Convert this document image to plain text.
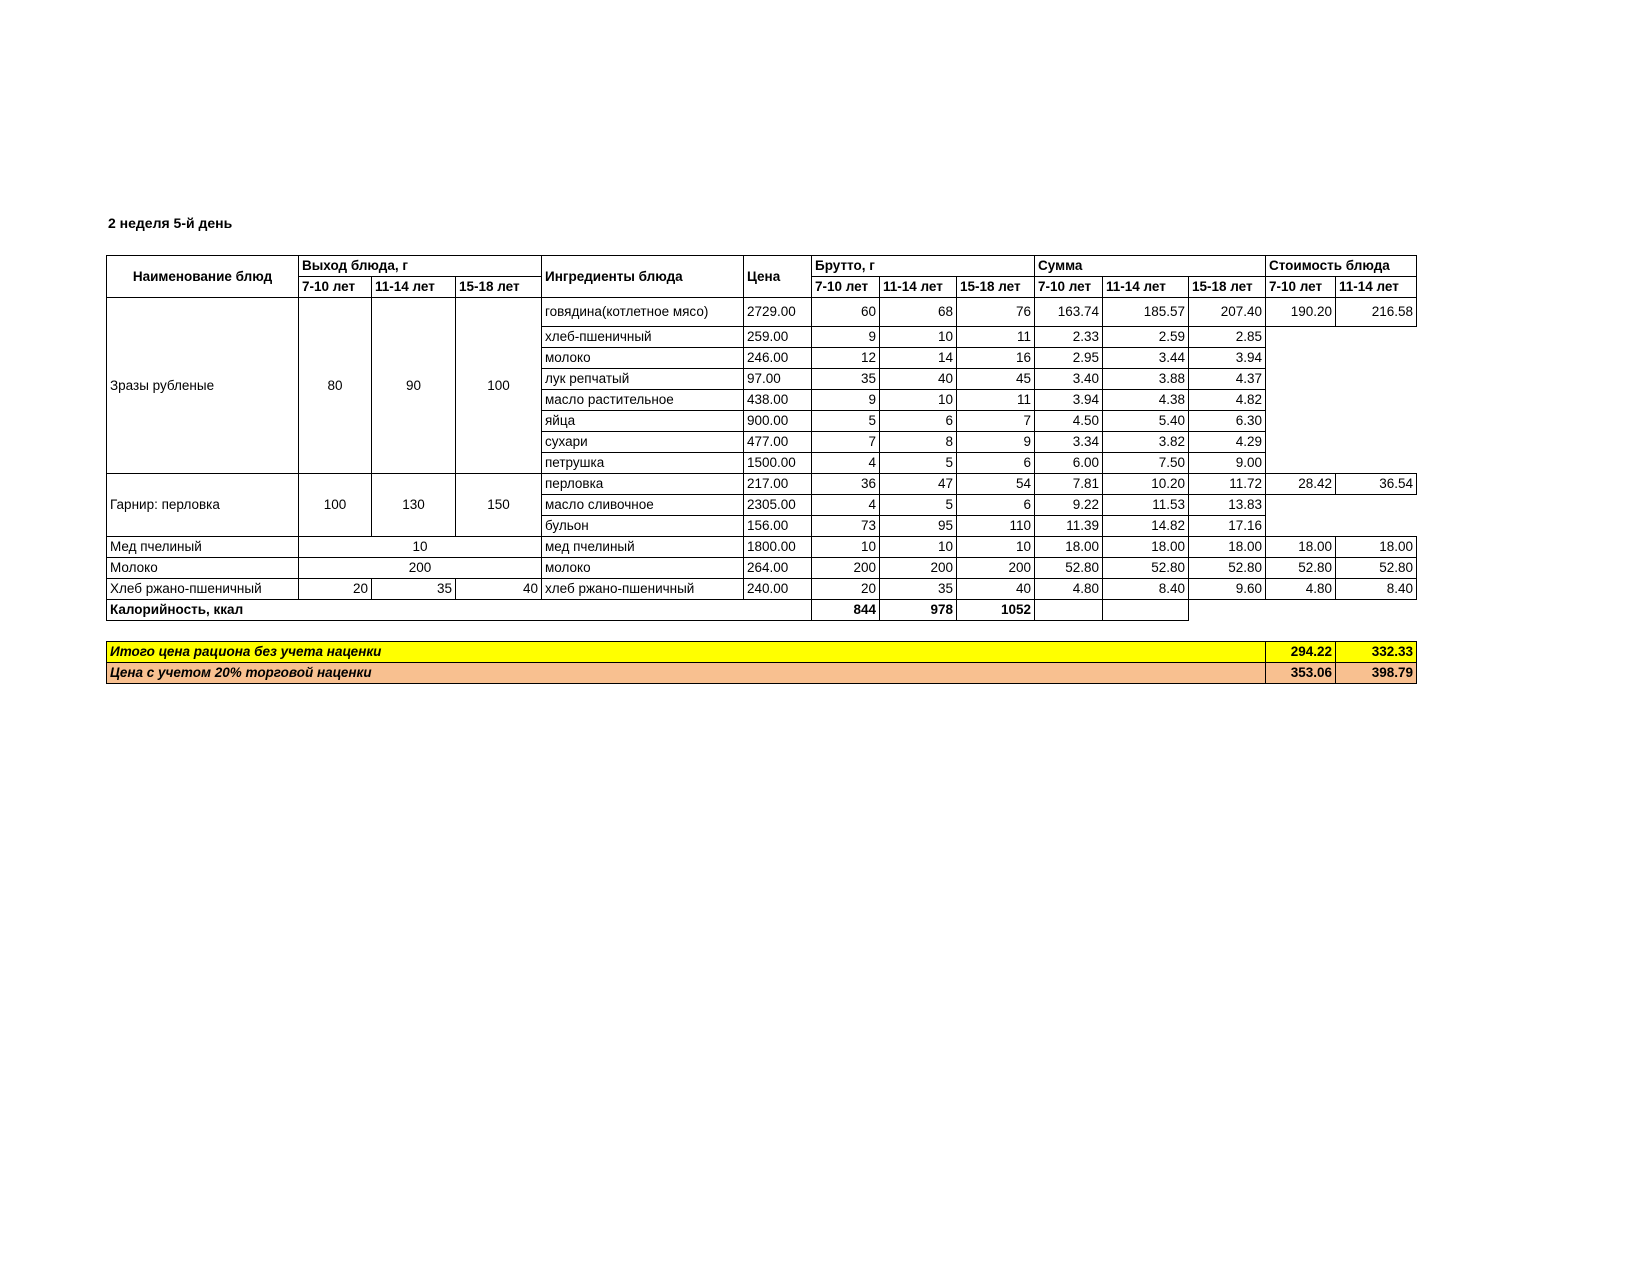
2 неделя 5-й день
Наименование блюд	Выход блюда, г			Ингредиенты блюда	Цена	Брутто, г			Сумма			Стоимость блюда	
	7-10 лет	11-14 лет	15-18 лет			7-10 лет	11-14 лет	15-18 лет	7-10 лет	11-14 лет	15-18 лет	7-10 лет	11-14 лет
Зразы рубленые	80	90	100	говядина(котлетное мясо)	2729.00	60	68	76	163.74	185.57	207.40	190.20	216.58
				хлеб-пшеничный	259.00	9	10	11	2.33	2.59	2.85		
				молоко	246.00	12	14	16	2.95	3.44	3.94		
				лук репчатый	97.00	35	40	45	3.40	3.88	4.37		
				масло растительное	438.00	9	10	11	3.94	4.38	4.82		
				яйца	900.00	5	6	7	4.50	5.40	6.30		
				сухари	477.00	7	8	9	3.34	3.82	4.29		
				петрушка	1500.00	4	5	6	6.00	7.50	9.00		
Гарнир: перловка	100	130	150	перловка	217.00	36	47	54	7.81	10.20	11.72	28.42	36.54
				масло сливочное	2305.00	4	5	6	9.22	11.53	13.83		
				бульон	156.00	73	95	110	11.39	14.82	17.16		
Мед пчелиный	10			мед пчелиный	1800.00	10	10	10	18.00	18.00	18.00	18.00	18.00
Молоко	200			молоко	264.00	200	200	200	52.80	52.80	52.80	52.80	52.80
Хлеб ржано-пшеничный	20	35	40	хлеб ржано-пшеничный	240.00	20	35	40	4.80	8.40	9.60	4.80	8.40
Калорийность, ккал						844	978	1052					

Итого цена рациона без учета наценки												294.22	332.33
Цена с учетом 20% торговой наценки												353.06	398.79
